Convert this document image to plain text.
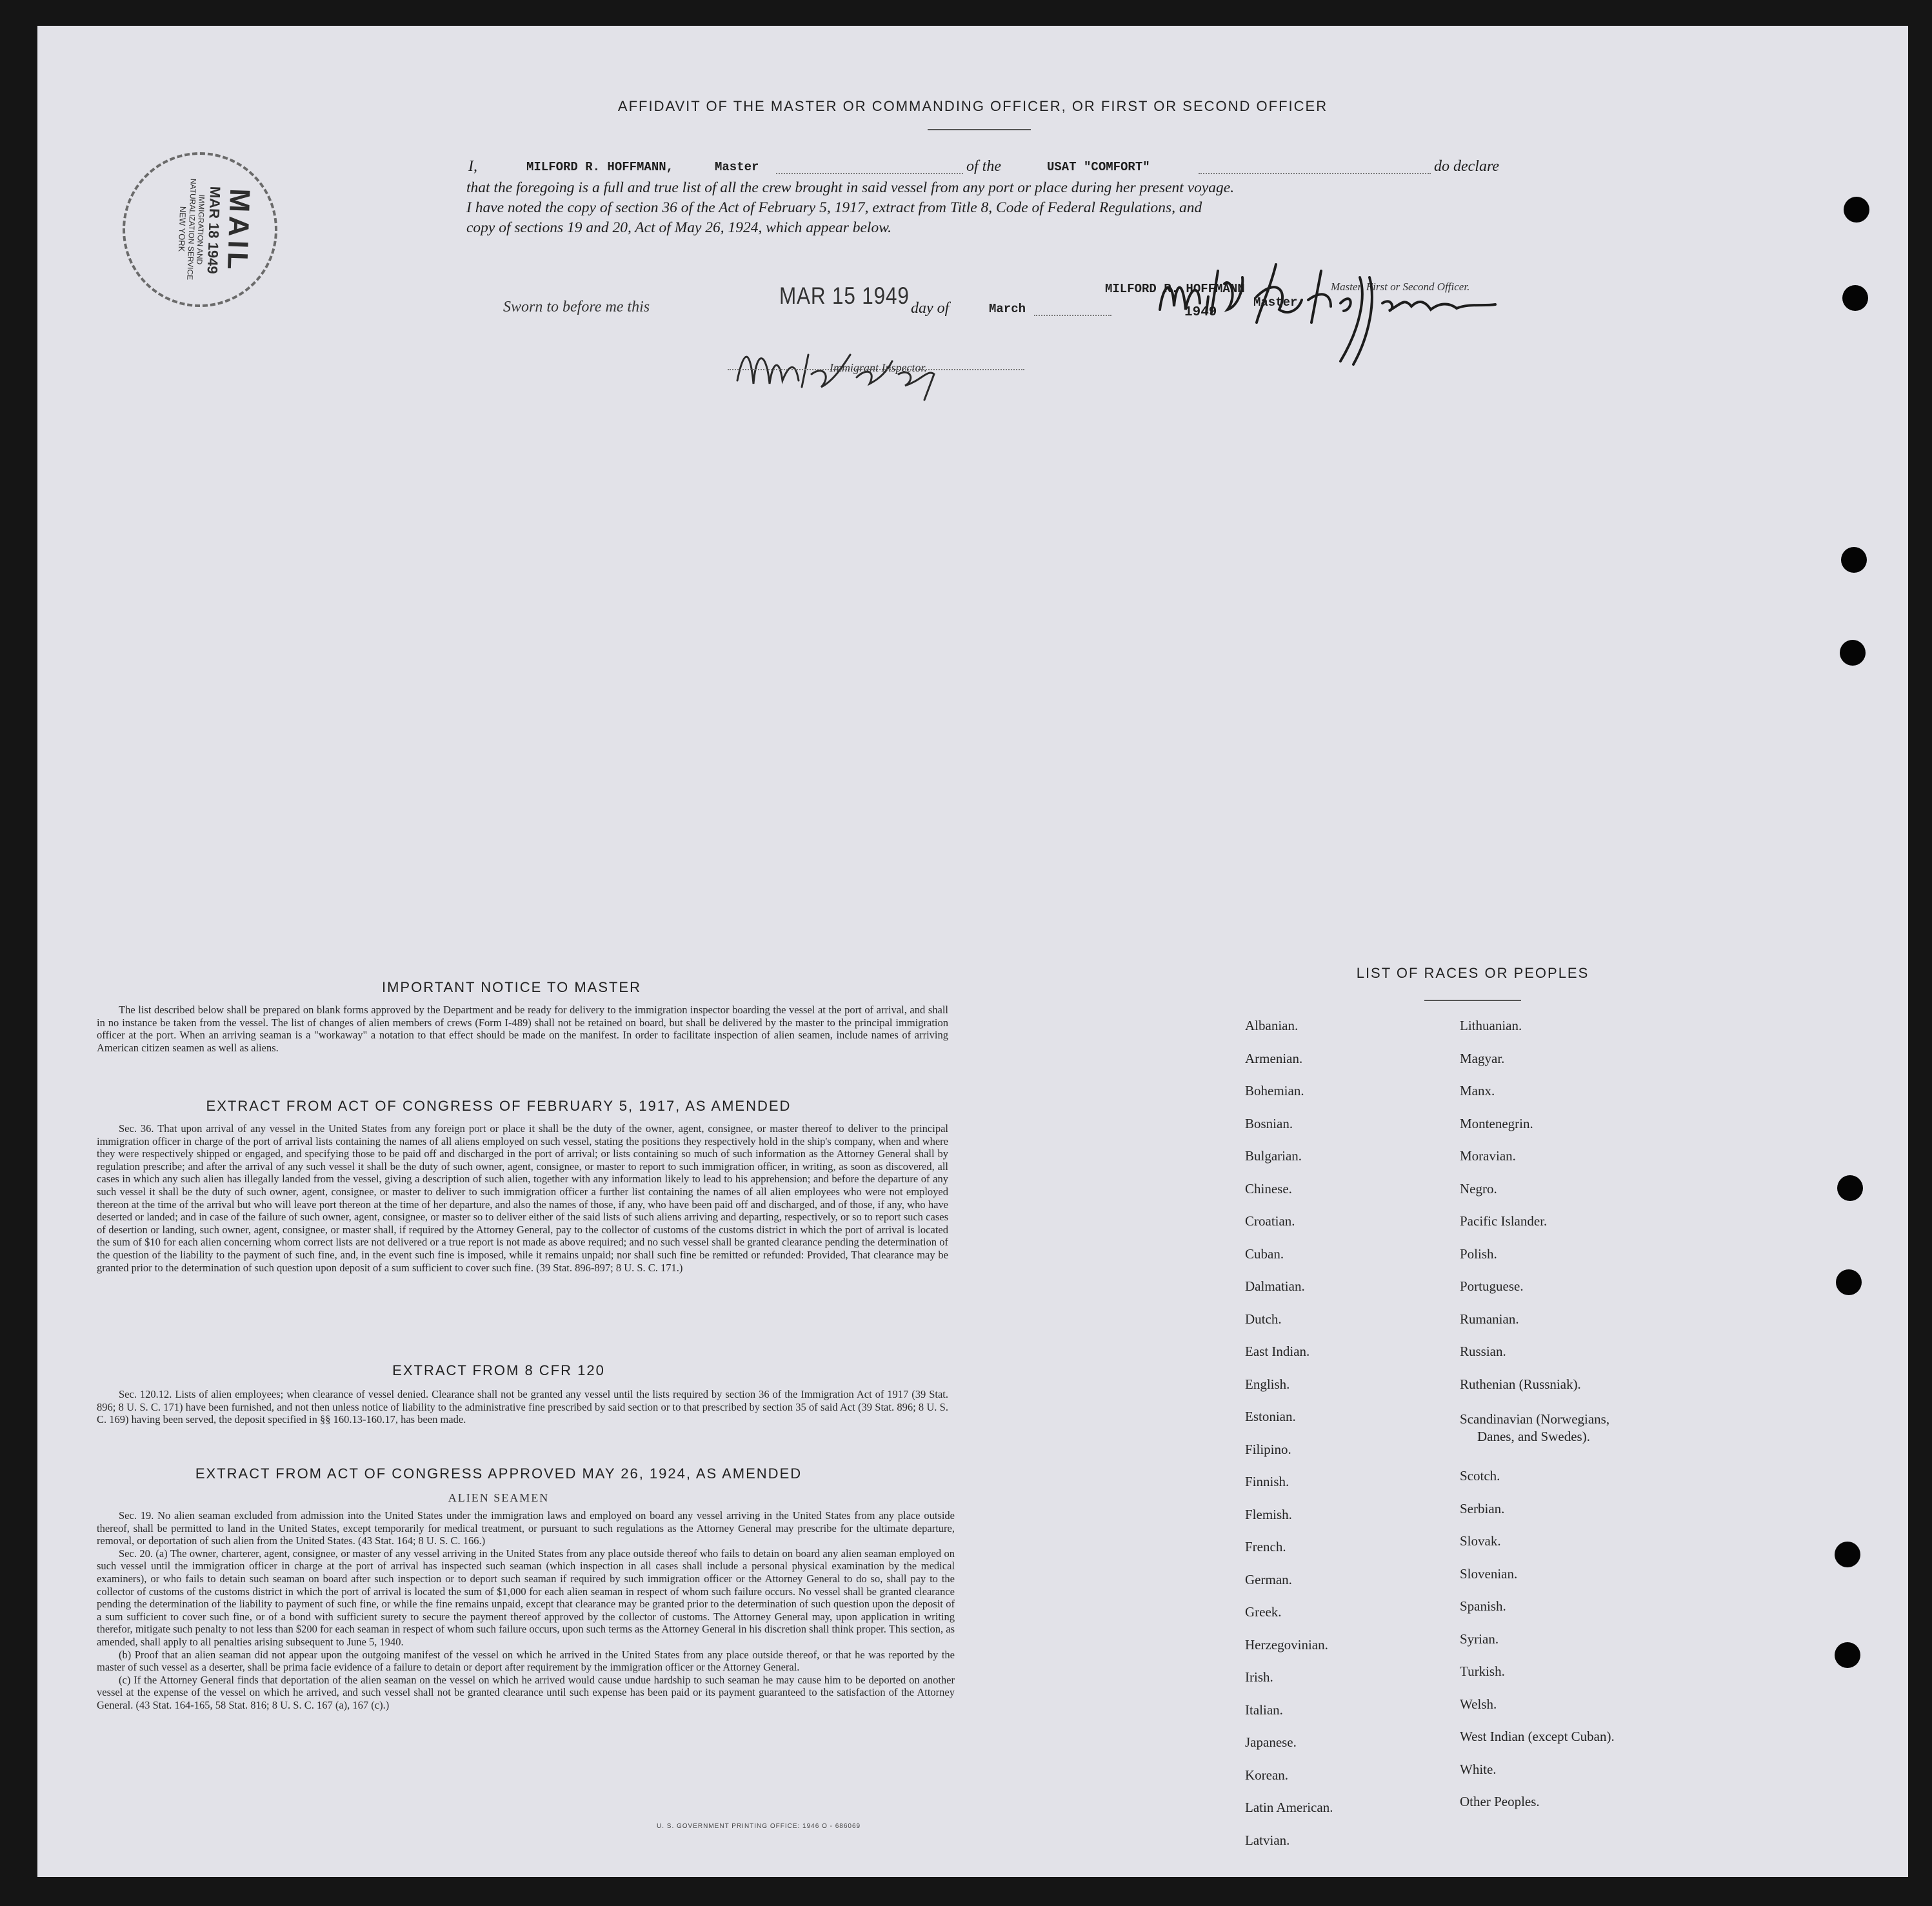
AFFIDAVIT OF THE MASTER OR COMMANDING OFFICER, OR FIRST OR SECOND OFFICER
I,	MILFORD R. HOFFMANN,	Master	of the	USAT "COMFORT"	do declare
that the foregoing is a full and true list of all the crew brought in said vessel from any port or place during her present voyage.
I have noted the copy of section 36 of the Act of February 5, 1917, extract from Title 8, Code of Federal Regulations, and
copy of sections 19 and 20, Act of May 26, 1924, which appear below.
Sworn to before me this	MAR 15 1949 day of	March	1949
MILFORD R. HOFFMANN
Master
Master, First or Second Officer.
Immigrant Inspector.
MAIL
MAR 18 1949
IMMIGRATION AND NATURALIZATION SERVICE
NEW YORK
IMPORTANT NOTICE TO MASTER

The list described below shall be prepared on blank forms approved by the Department and be ready for delivery to the immigration inspector boarding the vessel at the port of arrival, and shall in no instance be taken from the vessel. The list of changes of alien members of crews (Form I-489) shall not be retained on board, but shall be delivered by the master to the principal immigration officer at the port. When an arriving seaman is a "workaway" a notation to that effect should be made on the manifest. In order to facilitate inspection of alien seamen, include names of arriving American citizen seamen as well as aliens.

EXTRACT FROM ACT OF CONGRESS OF FEBRUARY 5, 1917, AS AMENDED

Sec. 36. That upon arrival of any vessel in the United States from any foreign port or place it shall be the duty of the owner, agent, consignee, or master thereof to deliver to the principal immigration officer in charge of the port of arrival lists containing the names of all aliens employed on such vessel, stating the positions they respectively hold in the ship's company, when and where they were respectively shipped or engaged, and specifying those to be paid off and discharged in the port of arrival; or lists containing so much of such information as the Attorney General shall by regulation prescribe; and after the arrival of any such vessel it shall be the duty of such owner, agent, consignee, or master to report to such immigration officer, in writing, as soon as discovered, all cases in which any such alien has illegally landed from the vessel, giving a description of such alien, together with any information likely to lead to his apprehension; and before the departure of any such vessel it shall be the duty of such owner, agent, consignee, or master to deliver to such immigration officer a further list containing the names of all alien employees who were not employed thereon at the time of the arrival but who will leave port thereon at the time of her departure, and also the names of those, if any, who have been paid off and discharged, and of those, if any, who have deserted or landed; and in case of the failure of such owner, agent, consignee, or master so to deliver either of the said lists of such aliens arriving and departing, respectively, or so to report such cases of desertion or landing, such owner, agent, consignee, or master shall, if required by the Attorney General, pay to the collector of customs of the customs district in which the port of arrival is located the sum of $10 for each alien concerning whom correct lists are not delivered or a true report is not made as above required; and no such vessel shall be granted clearance pending the determination of the question of the liability to the payment of such fine, and, in the event such fine is imposed, while it remains unpaid; nor shall such fine be remitted or refunded: Provided, That clearance may be granted prior to the determination of such question upon deposit of a sum sufficient to cover such fine. (39 Stat. 896-897; 8 U. S. C. 171.)

EXTRACT FROM 8 CFR 120

Sec. 120.12. Lists of alien employees; when clearance of vessel denied. Clearance shall not be granted any vessel until the lists required by section 36 of the Immigration Act of 1917 (39 Stat. 896; 8 U. S. C. 171) have been furnished, and not then unless notice of liability to the administrative fine prescribed by said section or to that prescribed by section 35 of said Act (39 Stat. 896; 8 U. S. C. 169) having been served, the deposit specified in §§ 160.13-160.17, has been made.

EXTRACT FROM ACT OF CONGRESS APPROVED MAY 26, 1924, AS AMENDED
ALIEN SEAMEN

Sec. 19. No alien seaman excluded from admission into the United States under the immigration laws and employed on board any vessel arriving in the United States from any place outside thereof, shall be permitted to land in the United States, except temporarily for medical treatment, or pursuant to such regulations as the Attorney General may prescribe for the ultimate departure, removal, or deportation of such alien from the United States. (43 Stat. 164; 8 U. S. C. 166.)

Sec. 20. (a) The owner, charterer, agent, consignee, or master of any vessel arriving in the United States from any place outside thereof who fails to detain on board any alien seaman employed on such vessel until the immigration officer in charge at the port of arrival has inspected such seaman (which inspection in all cases shall include a personal physical examination by the medical examiners), or who fails to detain such seaman on board after such inspection or to deport such seaman if required by such immigration officer or the Attorney General to do so, shall pay to the collector of customs of the customs district in which the port of arrival is located the sum of $1,000 for each alien seaman in respect of whom such failure occurs. No vessel shall be granted clearance pending the determination of the liability to payment of such fine, or while the fine remains unpaid, except that clearance may be granted prior to the determination of such question upon the deposit of a sum sufficient to cover such fine, or of a bond with sufficient surety to secure the payment thereof approved by the collector of customs. The Attorney General may, upon application in writing therefor, mitigate such penalty to not less than $200 for each seaman in respect of whom such failure occurs, upon such terms as the Attorney General in his discretion shall think proper. This section, as amended, shall apply to all penalties arising subsequent to June 5, 1940.

(b) Proof that an alien seaman did not appear upon the outgoing manifest of the vessel on which he arrived in the United States from any place outside thereof, or that he was reported by the master of such vessel as a deserter, shall be prima facie evidence of a failure to detain or deport after requirement by the immigration officer or the Attorney General.

(c) If the Attorney General finds that deportation of the alien seaman on the vessel on which he arrived would cause undue hardship to such seaman he may cause him to be deported on another vessel at the expense of the vessel on which he arrived, and such vessel shall not be granted clearance until such expense has been paid or its payment guaranteed to the satisfaction of the Attorney General. (43 Stat. 164-165, 58 Stat. 816; 8 U. S. C. 167 (a), 167 (c).)

U. S. GOVERNMENT PRINTING OFFICE: 1946 O - 686069
LIST OF RACES OR PEOPLES
Albanian.
Armenian.
Bohemian.
Bosnian.
Bulgarian.
Chinese.
Croatian.
Cuban.
Dalmatian.
Dutch.
East Indian.
English.
Estonian.
Filipino.
Finnish.
Flemish.
French.
German.
Greek.
Herzegovinian.
Irish.
Italian.
Japanese.
Korean.
Latin American.
Latvian.
Lithuanian.
Magyar.
Manx.
Montenegrin.
Moravian.
Negro.
Pacific Islander.
Polish.
Portuguese.
Rumanian.
Russian.
Ruthenian (Russniak).
Scandinavian (Norwegians,
Danes, and Swedes).
Scotch.
Serbian.
Slovak.
Slovenian.
Spanish.
Syrian.
Turkish.
Welsh.
West Indian (except Cuban).
White.
Other Peoples.
